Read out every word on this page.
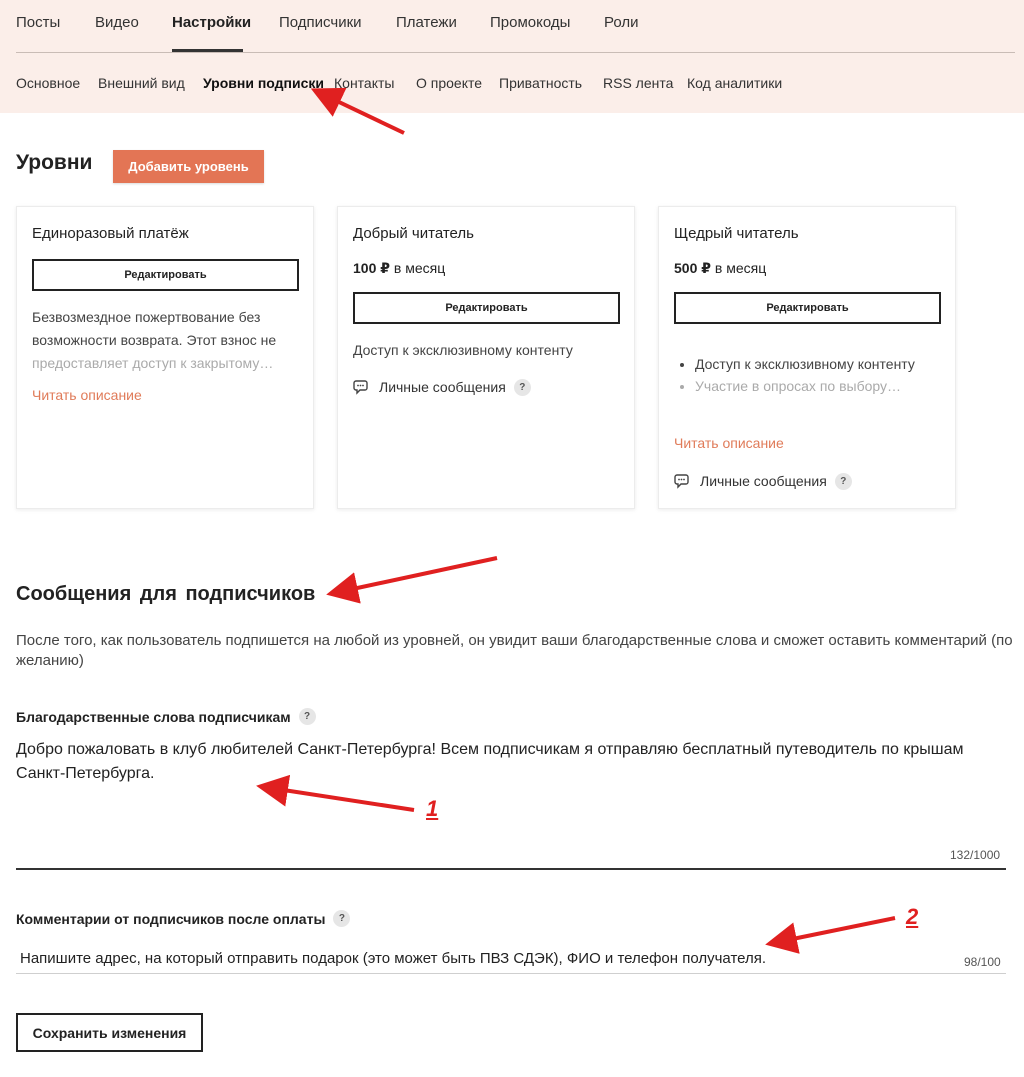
Посты Видео Настройки Подписчики Платежи Промокоды Роли
Основное Внешний вид Уровни подписки Контакты О проекте Приватность RSS лента Код аналитики
Уровни	Добавить уровень
Единоразовый платёж
Редактировать
Безвозмездное пожертвование без
возможности возврата. Этот взнос не
предоставляет доступ к закрытому…
Читать описание
Добрый читатель
100 ₽ в месяц
Редактировать
Доступ к эксклюзивному контенту
Личные сообщения	?
Щедрый читатель
500 ₽ в месяц
Редактировать
• Доступ к эксклюзивному контенту
• Участие в опросах по выбору…
Читать описание
Личные сообщения	?
Сообщения для подписчиков

После того, как пользователь подпишется на любой из уровней, он увидит ваши благодарственные слова и сможет оставить комментарий (по желанию)

Благодарственные слова подписчикам	?
Добро пожаловать в клуб любителей Санкт-Петербурга! Всем подписчикам я отправляю бесплатный путеводитель по крышам Санкт-Петербурга.
132/1000
Комментарии от подписчиков после оплаты	?
Напишите адрес, на который отправить подарок (это может быть ПВЗ СДЭК), ФИО и телефон получателя.
98/100
Сохранить изменения
1
2
